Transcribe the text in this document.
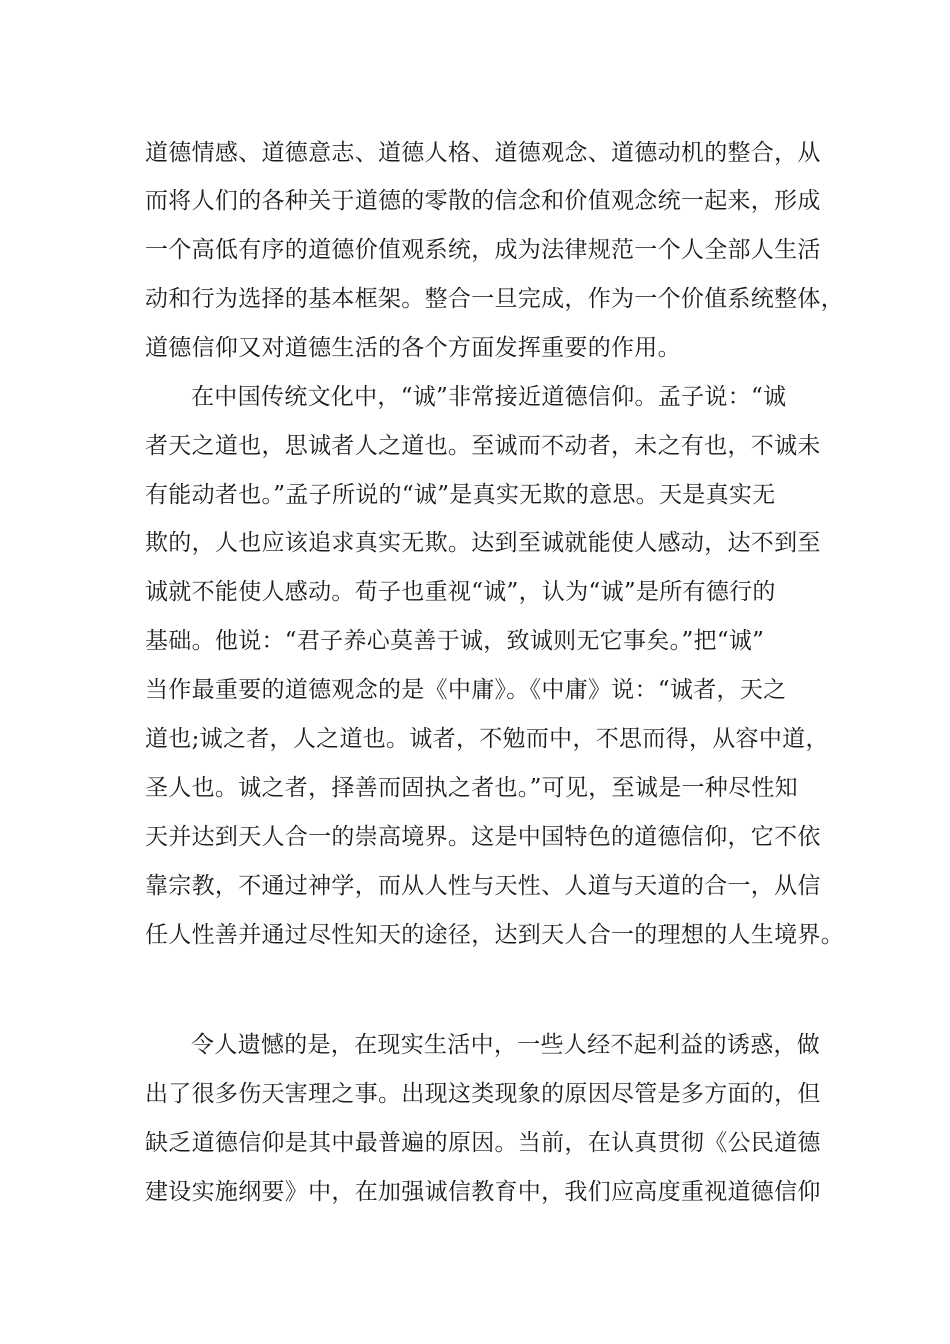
道德情感、道德意志、道德人格、道德观念、道德动机的整合，从
而将人们的各种关于道德的零散的信念和价值观念统一起来，形成
一个高低有序的道德价值观系统，成为法律规范一个人全部人生活
动和行为选择的基本框架。整合一旦完成，作为一个价值系统整体，
道德信仰又对道德生活的各个方面发挥重要的作用。
在中国传统文化中，“诚”非常接近道德信仰。孟子说：“诚
者天之道也，思诚者人之道也。至诚而不动者，未之有也，不诚未
有能动者也。”孟子所说的“诚”是真实无欺的意思。天是真实无
欺的，人也应该追求真实无欺。达到至诚就能使人感动，达不到至
诚就不能使人感动。荀子也重视“诚”，认为“诚”是所有德行的
基础。他说：“君子养心莫善于诚，致诚则无它事矣。”把“诚”
当作最重要的道德观念的是《中庸》。《中庸》说：“诚者，天之
道也;诚之者，人之道也。诚者，不勉而中，不思而得，从容中道，
圣人也。诚之者，择善而固执之者也。”可见，至诚是一种尽性知
天并达到天人合一的崇高境界。这是中国特色的道德信仰，它不依
靠宗教，不通过神学，而从人性与天性、人道与天道的合一，从信
任人性善并通过尽性知天的途径，达到天人合一的理想的人生境界。
令人遗憾的是，在现实生活中，一些人经不起利益的诱惑，做
出了很多伤天害理之事。出现这类现象的原因尽管是多方面的，但
缺乏道德信仰是其中最普遍的原因。当前，在认真贯彻《公民道德
建设实施纲要》中，在加强诚信教育中，我们应高度重视道德信仰
